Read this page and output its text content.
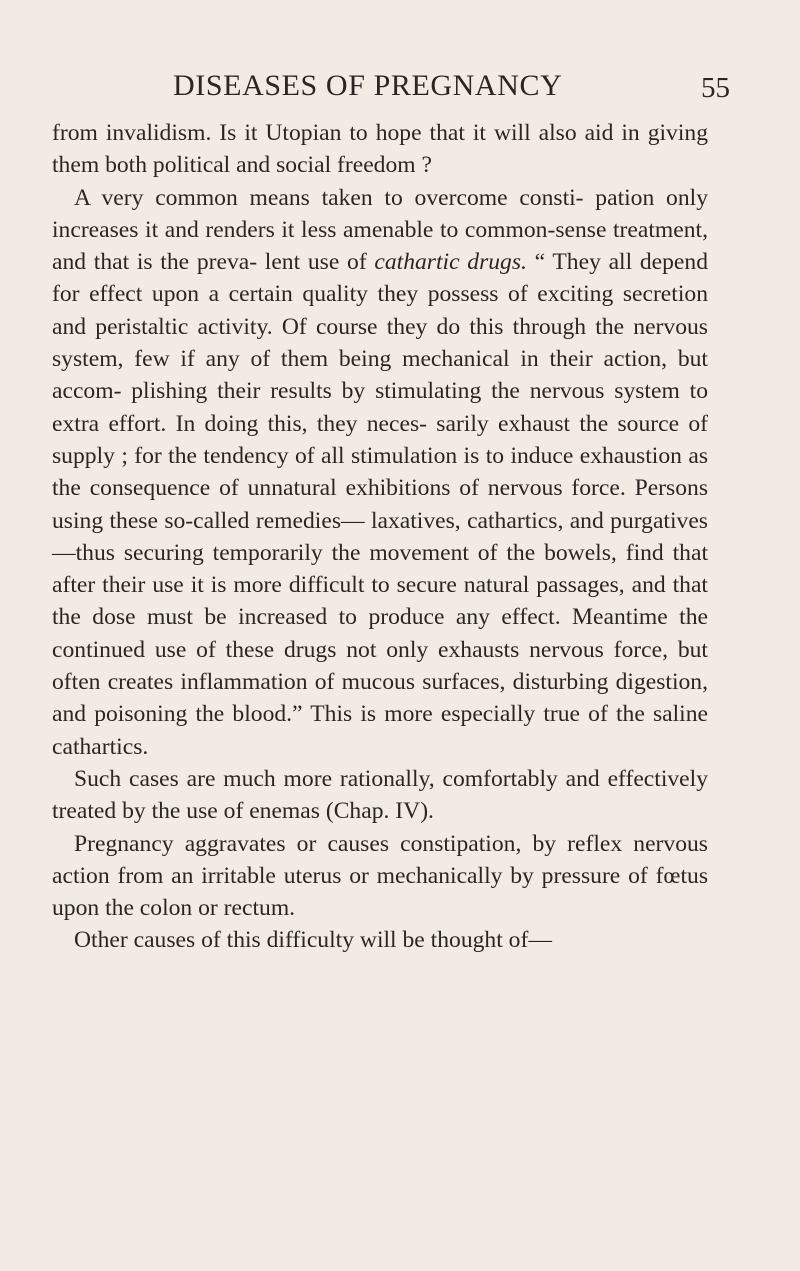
DISEASES OF PREGNANCY	55

from invalidism. Is it Utopian to hope that it will also aid in giving them both political and social freedom ?

A very common means taken to overcome consti- pation only increases it and renders it less amenable to common-sense treatment, and that is the preva- lent use of cathartic drugs. “ They all depend for effect upon a certain quality they possess of exciting secretion and peristaltic activity. Of course they do this through the nervous system, few if any of them being mechanical in their action, but accom- plishing their results by stimulating the nervous system to extra effort. In doing this, they neces- sarily exhaust the source of supply ; for the tendency of all stimulation is to induce exhaustion as the consequence of unnatural exhibitions of nervous force. Persons using these so-called remedies— laxatives, cathartics, and purgatives—thus securing temporarily the movement of the bowels, find that after their use it is more difficult to secure natural passages, and that the dose must be increased to produce any effect. Meantime the continued use of these drugs not only exhausts nervous force, but often creates inflammation of mucous surfaces, disturbing digestion, and poisoning the blood.” This is more especially true of the saline cathartics.

Such cases are much more rationally, comfortably and effectively treated by the use of enemas (Chap. IV).

Pregnancy aggravates or causes constipation, by reflex nervous action from an irritable uterus or mechanically by pressure of fœtus upon the colon or rectum.

Other causes of this difficulty will be thought of—
